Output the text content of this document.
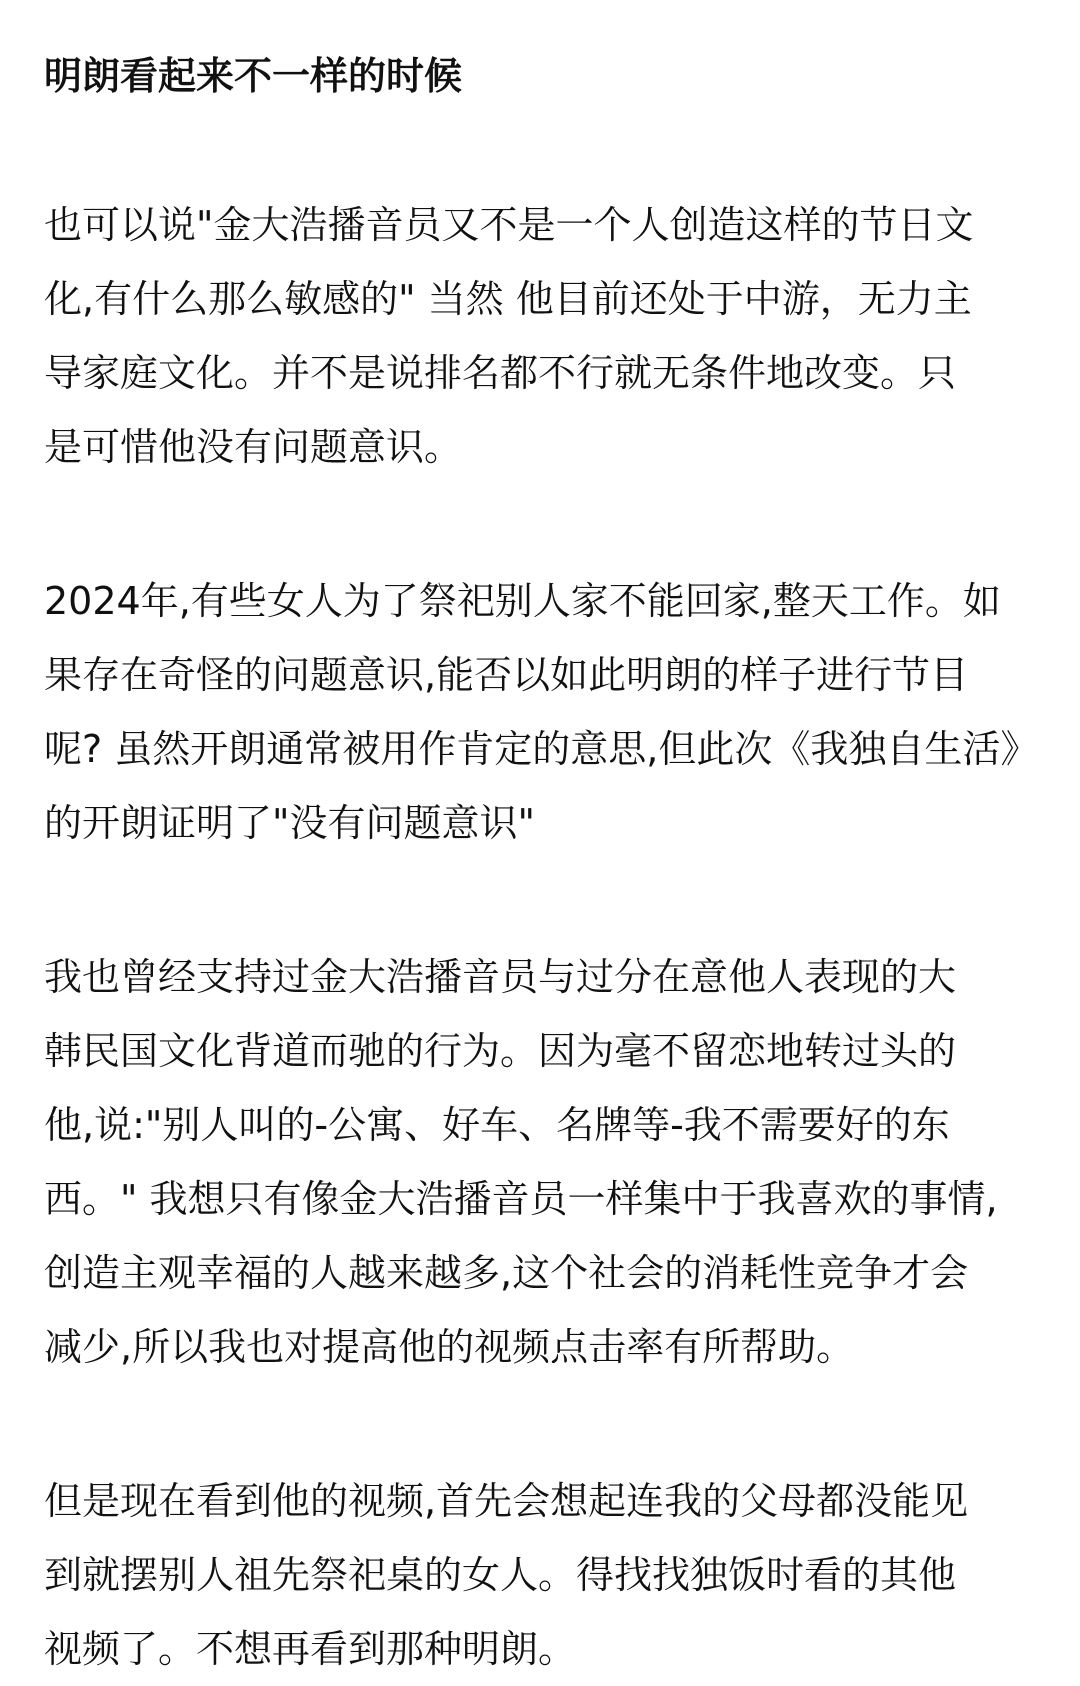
明朗看起来不一样的时候

也可以说"金大浩播音员又不是一个人创造这样的节日文
化,有什么那么敏感的" 当然 他目前还处于中游，无力主
导家庭文化。并不是说排名都不行就无条件地改变。只
是可惜他没有问题意识。

2024年,有些女人为了祭祀别人家不能回家,整天工作。如
果存在奇怪的问题意识,能否以如此明朗的样子进行节目
呢? 虽然开朗通常被用作肯定的意思,但此次《我独自生活》
的开朗证明了"没有问题意识"

我也曾经支持过金大浩播音员与过分在意他人表现的大
韩民国文化背道而驰的行为。因为毫不留恋地转过头的
他,说:"别人叫的-公寓、好车、名牌等-我不需要好的东
西。" 我想只有像金大浩播音员一样集中于我喜欢的事情,
创造主观幸福的人越来越多,这个社会的消耗性竞争才会
减少,所以我也对提高他的视频点击率有所帮助。

但是现在看到他的视频,首先会想起连我的父母都没能见
到就摆别人祖先祭祀桌的女人。得找找独饭时看的其他
视频了。不想再看到那种明朗。
